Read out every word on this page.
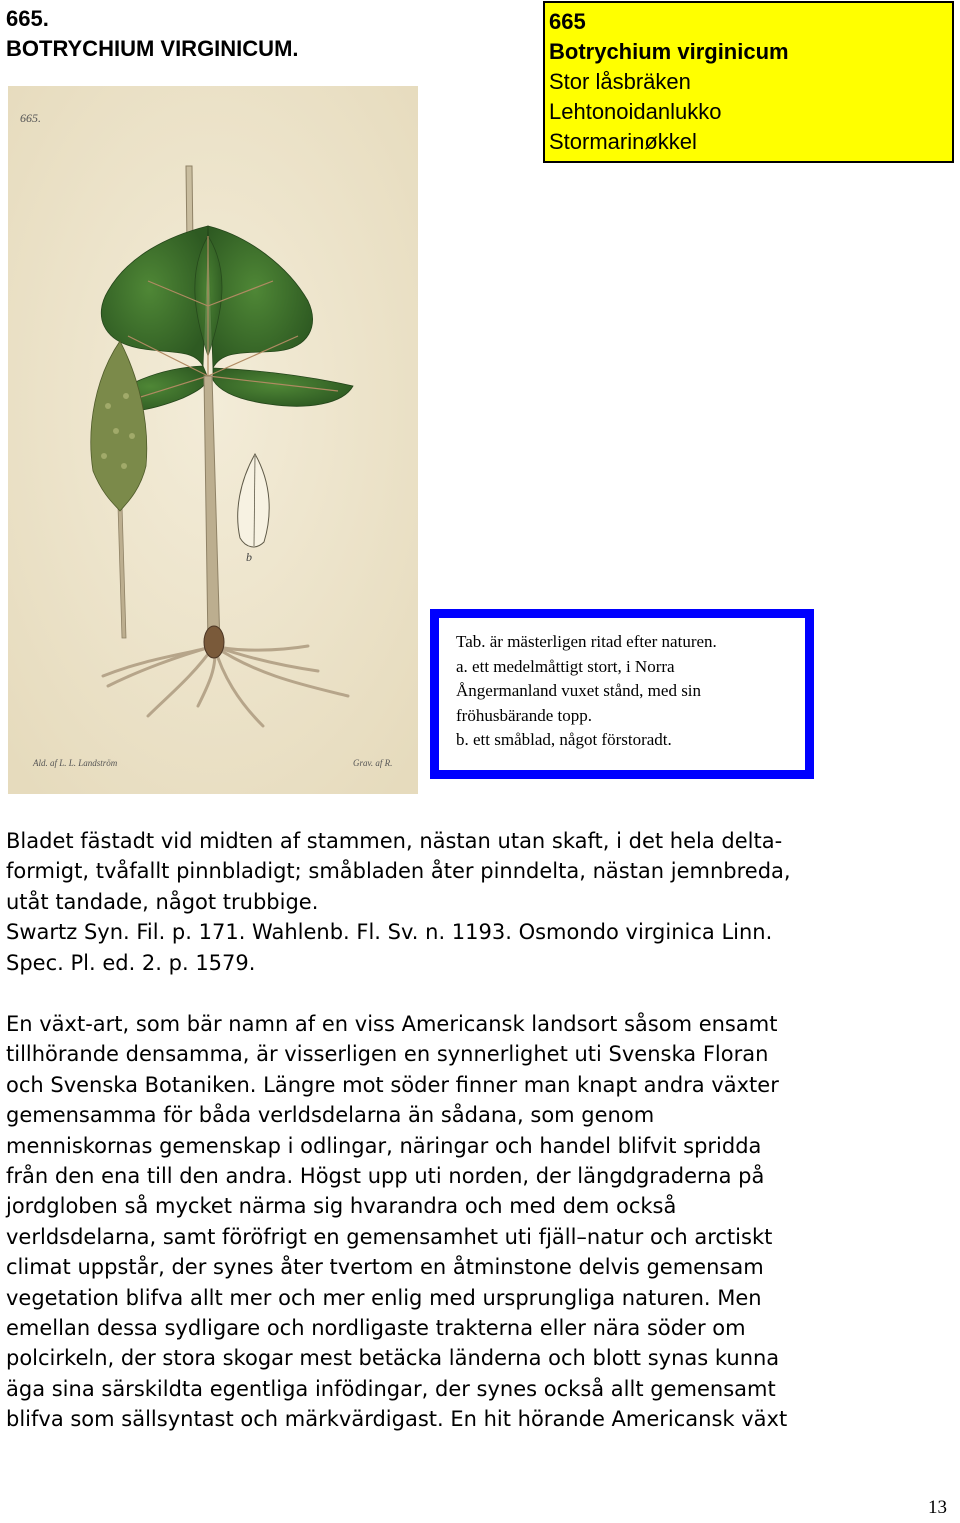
665.
BOTRYCHIUM VIRGINICUM.
665
Botrychium virginicum
Stor låsbräken
Lehtonoidanlukko
Stormarinøkkel
665.
b
Ald. af L. L. Landström	Grav. af R.
Tab. är mästerligen ritad efter naturen.
a. ett medelmåttigt stort, i Norra
Ångermanland vuxet stånd, med sin
fröhusbärande topp.
b. ett småblad, något förstoradt.
Bladet fästadt vid midten af stammen, nästan utan skaft, i det hela delta-
formigt, tvåfallt pinnbladigt; småbladen åter pinndelta, nästan jemnbreda,
utåt tandade, något trubbige.
Swartz Syn. Fil. p. 171. Wahlenb. Fl. Sv. n. 1193. Osmondo virginica Linn.
Spec. Pl. ed. 2. p. 1579.
En växt-art, som bär namn af en viss Americansk landsort såsom ensamt
tillhörande densamma, är visserligen en synnerlighet uti Svenska Floran
och Svenska Botaniken. Längre mot söder finner man knapt andra växter
gemensamma för båda verldsdelarna än sådana, som genom
menniskornas gemenskap i odlingar, näringar och handel blifvit spridda
från den ena till den andra. Högst upp uti norden, der längdgraderna på
jordgloben så mycket närma sig hvarandra och med dem också
verldsdelarna, samt föröfrigt en gemensamhet uti fjäll–natur och arctiskt
climat uppstår, der synes åter tvertom en åtminstone delvis gemensam
vegetation blifva allt mer och mer enlig med ursprungliga naturen. Men
emellan dessa sydligare och nordligaste trakterna eller nära söder om
polcirkeln, der stora skogar mest betäcka länderna och blott synas kunna
äga sina särskildta egentliga infödingar, der synes också allt gemensamt
blifva som sällsyntast och märkvärdigast. En hit hörande Americansk växt
13
